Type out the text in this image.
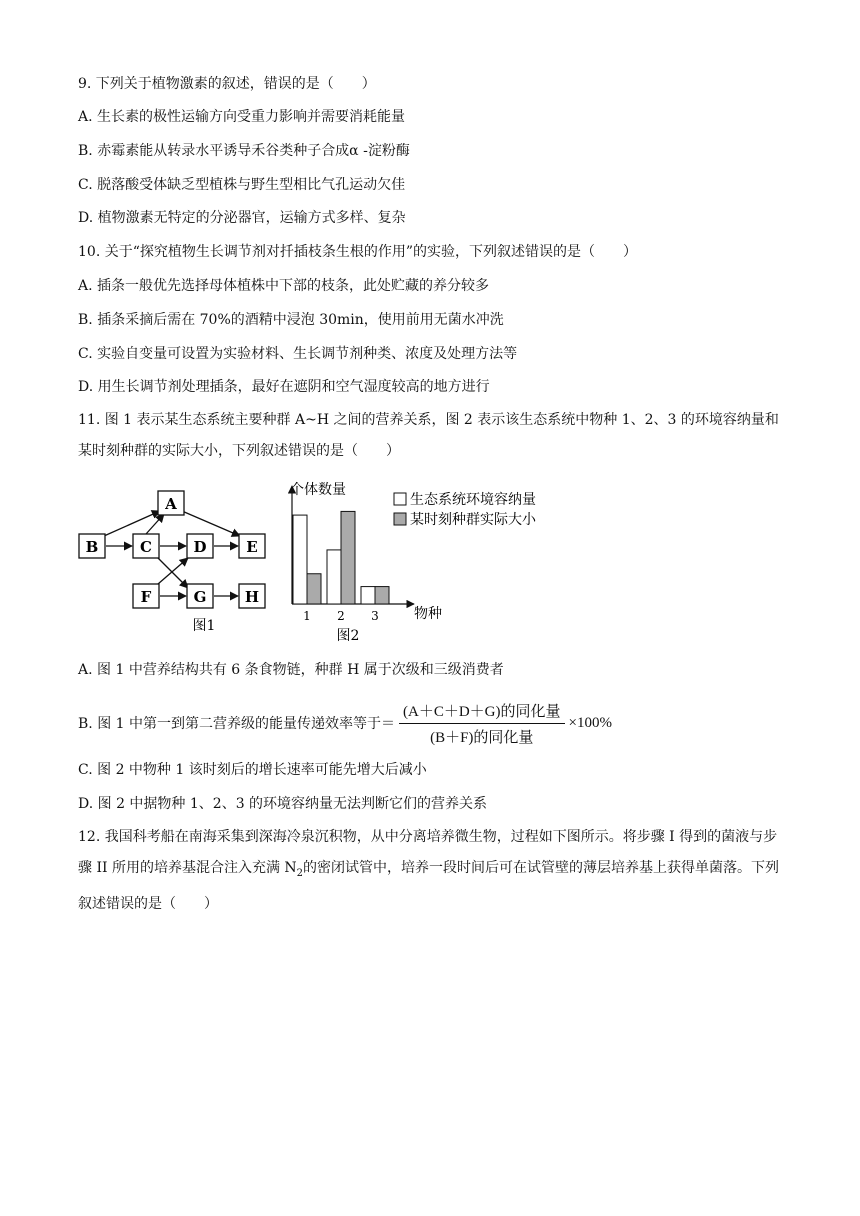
9. 下列关于植物激素的叙述，错误的是（　　）
A. 生长素的极性运输方向受重力影响并需要消耗能量
B. 赤霉素能从转录水平诱导禾谷类种子合成α -淀粉酶
C. 脱落酸受体缺乏型植株与野生型相比气孔运动欠佳
D. 植物激素无特定的分泌器官，运输方式多样、复杂
10. 关于“探究植物生长调节剂对扦插枝条生根的作用”的实验，下列叙述错误的是（　　）
A. 插条一般优先选择母体植株中下部的枝条，此处贮藏的养分较多
B. 插条采摘后需在 70%的酒精中浸泡 30min，使用前用无菌水冲洗
C. 实验自变量可设置为实验材料、生长调节剂种类、浓度及处理方法等
D. 用生长调节剂处理插条，最好在遮阴和空气湿度较高的地方进行
11. 图 1 表示某生态系统主要种群 A~H 之间的营养关系，图 2 表示该生态系统中物种 1、2、3 的环境容纳量和某时刻种群的实际大小，下列叙述错误的是（　　）
A
B	C	D	E
F	G	H
图1
个体数量
物种
图2
1 2 3
生态系统环境容纳量
某时刻种群实际大小
A. 图 1 中营养结构共有 6 条食物链，种群 H 属于次级和三级消费者
B. 图 1 中第一到第二营养级的能量传递效率等于＝ $\frac{\text{(A＋C＋D＋G)的同化量}}{\text{(B＋F)的同化量}} \times 100\%$
C. 图 2 中物种 1 该时刻后的增长速率可能先增大后减小
D. 图 2 中据物种 1、2、3 的环境容纳量无法判断它们的营养关系
12. 我国科考船在南海采集到深海冷泉沉积物，从中分离培养微生物，过程如下图所示。将步骤 I 得到的菌液与步骤 II 所用的培养基混合注入充满 $N_2$的密闭试管中，培养一段时间后可在试管壁的薄层培养基上获得单菌落。下列叙述错误的是（　　）
